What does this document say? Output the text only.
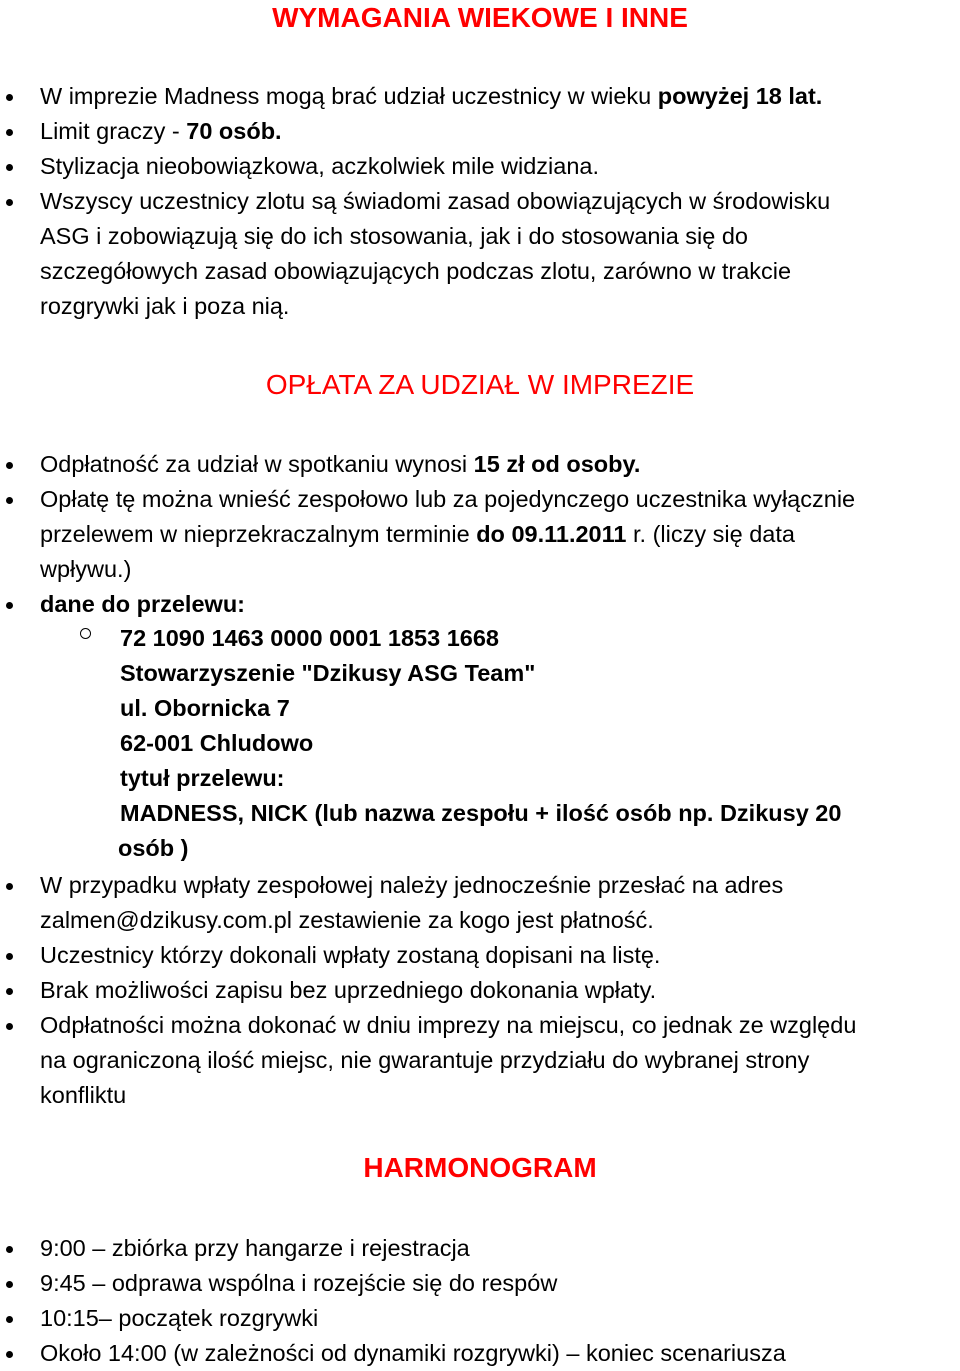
WYMAGANIA WIEKOWE I INNE
W imprezie Madness mogą brać udział uczestnicy w wieku powyżej 18 lat.
Limit graczy - 70 osób.
Stylizacja nieobowiązkowa, aczkolwiek mile widziana.
Wszyscy uczestnicy zlotu są świadomi zasad obowiązujących w środowisku
ASG i zobowiązują się do ich stosowania, jak i do stosowania się do
szczegółowych zasad obowiązujących podczas zlotu, zarówno w trakcie
rozgrywki jak i poza nią.
OPŁATA ZA UDZIAŁ W IMPREZIE
Odpłatność za udział w spotkaniu wynosi 15 zł od osoby.
Opłatę tę można wnieść zespołowo lub za pojedynczego uczestnika wyłącznie
przelewem w nieprzekraczalnym terminie do 09.11.2011 r. (liczy się data
wpływu.)
dane do przelewu:
72 1090 1463 0000 0001 1853 1668
Stowarzyszenie "Dzikusy ASG Team"
ul. Obornicka 7
62-001 Chludowo
tytuł przelewu:
MADNESS, NICK (lub nazwa zespołu + ilość osób np. Dzikusy 20
osób )
W przypadku wpłaty zespołowej należy jednocześnie przesłać na adres
zalmen@dzikusy.com.pl zestawienie za kogo jest płatność.
Uczestnicy którzy dokonali wpłaty zostaną dopisani na listę.
Brak możliwości zapisu bez uprzedniego dokonania wpłaty.
Odpłatności można dokonać w dniu imprezy na miejscu, co jednak ze względu
na ograniczoną ilość miejsc, nie gwarantuje przydziału do wybranej strony
konfliktu
HARMONOGRAM
9:00 – zbiórka przy hangarze i rejestracja
9:45 – odprawa wspólna i rozejście się do respów
10:15– początek rozgrywki
Około 14:00 (w zależności od dynamiki rozgrywki) – koniec scenariusza
